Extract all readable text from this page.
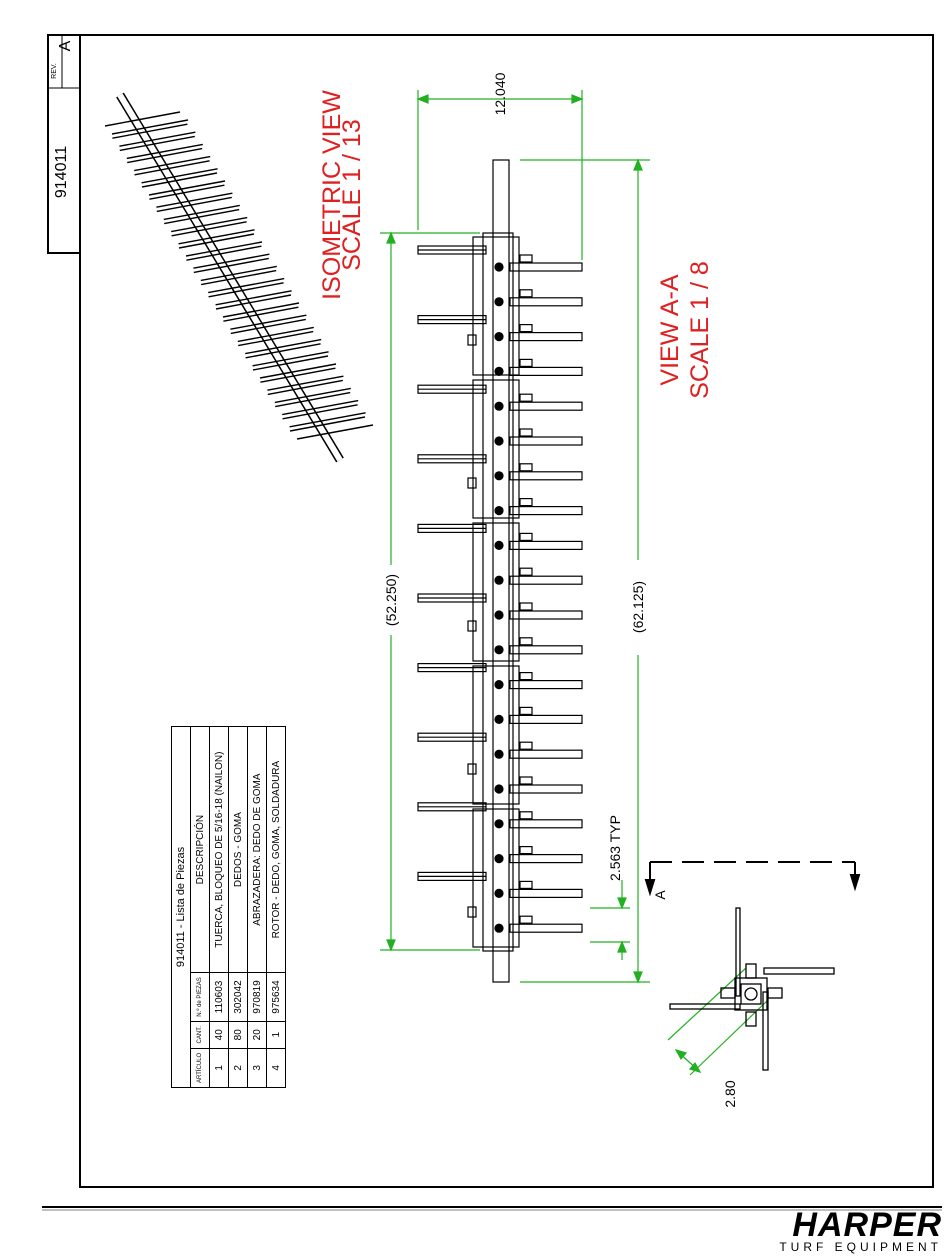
914011
REV.
A
ISOMETRIC VIEW
SCALE 1 / 13
VIEW A-A SCALE 1 / 8
12.040
(62.125)
(52.250)
2.563 TYP
2.80
A
914011 - Lista de Piezas			
ARTÍCULO	CANT.	N.º de PIEZAS	DESCRIPCIÓN
1	40	110603	TUERCA, BLOQUEO DE 5/16-18 (NAILON)
2	80	302042	DEDOS - GOMA
3	20	970819	ABRAZADERA: DEDO DE GOMA
4	1	975634	ROTOR - DEDO, GOMA, SOLDADURA
HARPER
TURF EQUIPMENT
